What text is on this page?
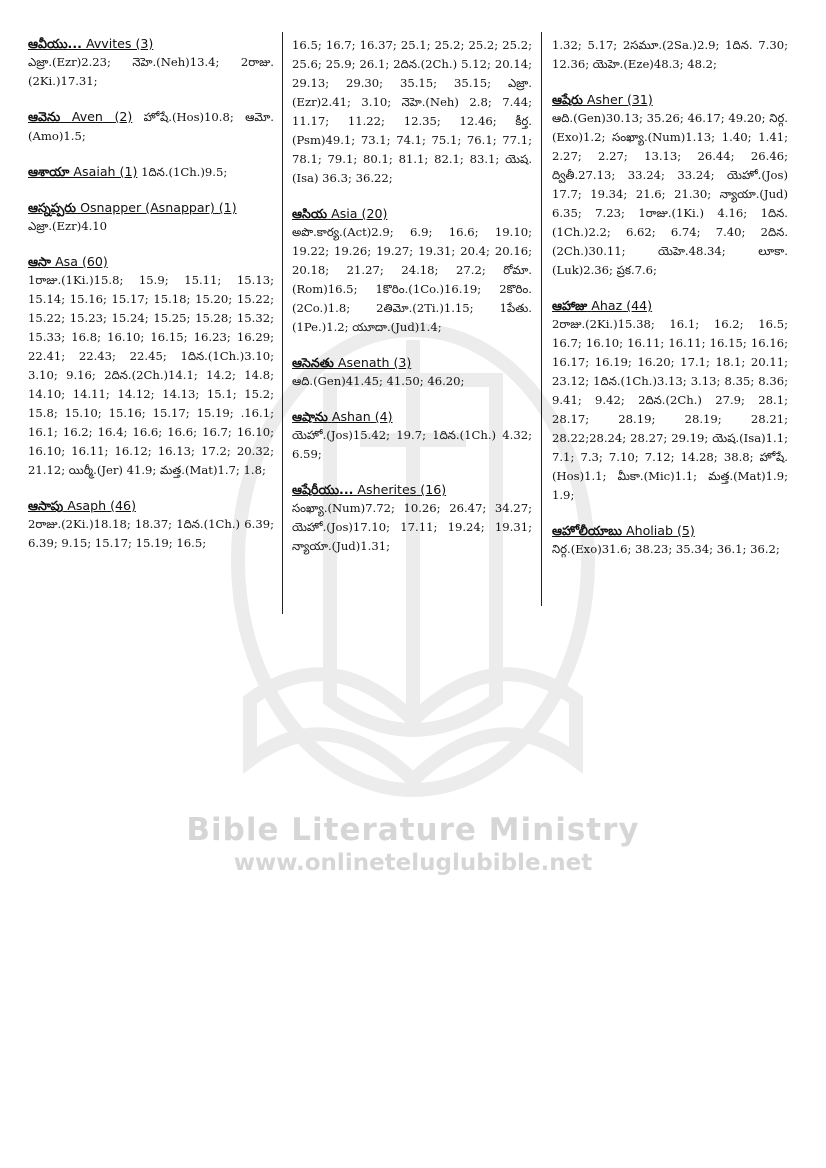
Bible Literature Ministry
www.onlineteluglubible.net
ఆవీయు... Avvites (3)
ఎజ్రా.(Ezr)2.23; నెహె.(Neh)13.4; 2రాజు.(2Ki.)17.31;
ఆవెను Aven (2) హోషే.(Hos)10.8; ఆమో.(Amo)1.5;
ఆశాయా Asaiah (1) 1దిన.(1Ch.)9.5;
ఆస్నప్పరు Osnapper (Asnappar) (1)
ఎజ్రా.(Ezr)4.10
ఆసా Asa (60)
1రాజు.(1Ki.)15.8; 15.9; 15.11; 15.13; 15.14; 15.16; 15.17; 15.18; 15.20; 15.22; 15.22; 15.23; 15.24; 15.25; 15.28; 15.32; 15.33; 16.8; 16.10; 16.15; 16.23; 16.29; 22.41; 22.43; 22.45; 1దిన.(1Ch.)3.10; 3.10; 9.16; 2దిన.(2Ch.)14.1; 14.2; 14.8; 14.10; 14.11; 14.12; 14.13; 15.1; 15.2; 15.8; 15.10; 15.16; 15.17; 15.19; .16.1; 16.1; 16.2; 16.4; 16.6; 16.6; 16.7; 16.10; 16.10; 16.11; 16.12; 16.13; 17.2; 20.32; 21.12; యిర్మీ.(Jer) 41.9; మత్త.(Mat)1.7; 1.8;
ఆసాపు Asaph (46)
2రాజు.(2Ki.)18.18; 18.37; 1దిన.(1Ch.) 6.39; 6.39; 9.15; 15.17; 15.19; 16.5;
16.5; 16.7; 16.37; 25.1; 25.2; 25.2; 25.2; 25.6; 25.9; 26.1; 2దిన.(2Ch.) 5.12; 20.14; 29.13; 29.30; 35.15; 35.15; ఎజ్రా.(Ezr)2.41; 3.10; నెహె.(Neh) 2.8; 7.44; 11.17; 11.22; 12.35; 12.46; కీర్త.(Psm)49.1; 73.1; 74.1; 75.1; 76.1; 77.1; 78.1; 79.1; 80.1; 81.1; 82.1; 83.1; యెష.(Isa) 36.3; 36.22;
ఆసియ Asia (20)
అపొ.కార్య.(Act)2.9; 6.9; 16.6; 19.10; 19.22; 19.26; 19.27; 19.31; 20.4; 20.16; 20.18; 21.27; 24.18; 27.2; రోమా.(Rom)16.5; 1కొరిం.(1Co.)16.19; 2కొరిం.(2Co.)1.8; 2తిమో.(2Ti.)1.15; 1పేతు.(1Pe.)1.2; యూదా.(Jud)1.4;
ఆసెనతు Asenath (3)
ఆది.(Gen)41.45; 41.50; 46.20;
ఆషాను Ashan (4)
యెహో.(Jos)15.42; 19.7; 1దిన.(1Ch.) 4.32; 6.59;
ఆషేరీయు... Asherites (16)
సంఖ్యా.(Num)7.72; 10.26; 26.47; 34.27; యెహో.(Jos)17.10; 17.11; 19.24; 19.31; న్యాయా.(Jud)1.31;
1.32; 5.17; 2సమూ.(2Sa.)2.9; 1దిన. 7.30; 12.36; యెహె.(Eze)48.3; 48.2;
ఆషేరు Asher (31)
ఆది.(Gen)30.13; 35.26; 46.17; 49.20; నిర్గ.(Exo)1.2; సంఖ్యా.(Num)1.13; 1.40; 1.41; 2.27; 2.27; 13.13; 26.44; 26.46; ద్వితీ.27.13; 33.24; 33.24; యెహో.(Jos) 17.7; 19.34; 21.6; 21.30; న్యాయా.(Jud) 6.35; 7.23; 1రాజు.(1Ki.) 4.16; 1దిన.(1Ch.)2.2; 6.62; 6.74; 7.40; 2దిన.(2Ch.)30.11; యెహె.48.34; లూకా.(Luk)2.36; ప్రక.7.6;
ఆహాజు Ahaz (44)
2రాజు.(2Ki.)15.38; 16.1; 16.2; 16.5; 16.7; 16.10; 16.11; 16.11; 16.15; 16.16; 16.17; 16.19; 16.20; 17.1; 18.1; 20.11; 23.12; 1దిన.(1Ch.)3.13; 3.13; 8.35; 8.36; 9.41; 9.42; 2దిన.(2Ch.) 27.9; 28.1; 28.17; 28.19; 28.19; 28.21; 28.22;28.24; 28.27; 29.19; యెష.(Isa)1.1; 7.1; 7.3; 7.10; 7.12; 14.28; 38.8; హోషే.(Hos)1.1; మీకా.(Mic)1.1; మత్త.(Mat)1.9; 1.9;
ఆహోలీయాబు Aholiab (5)
నిర్గ.(Exo)31.6; 38.23; 35.34; 36.1; 36.2;
